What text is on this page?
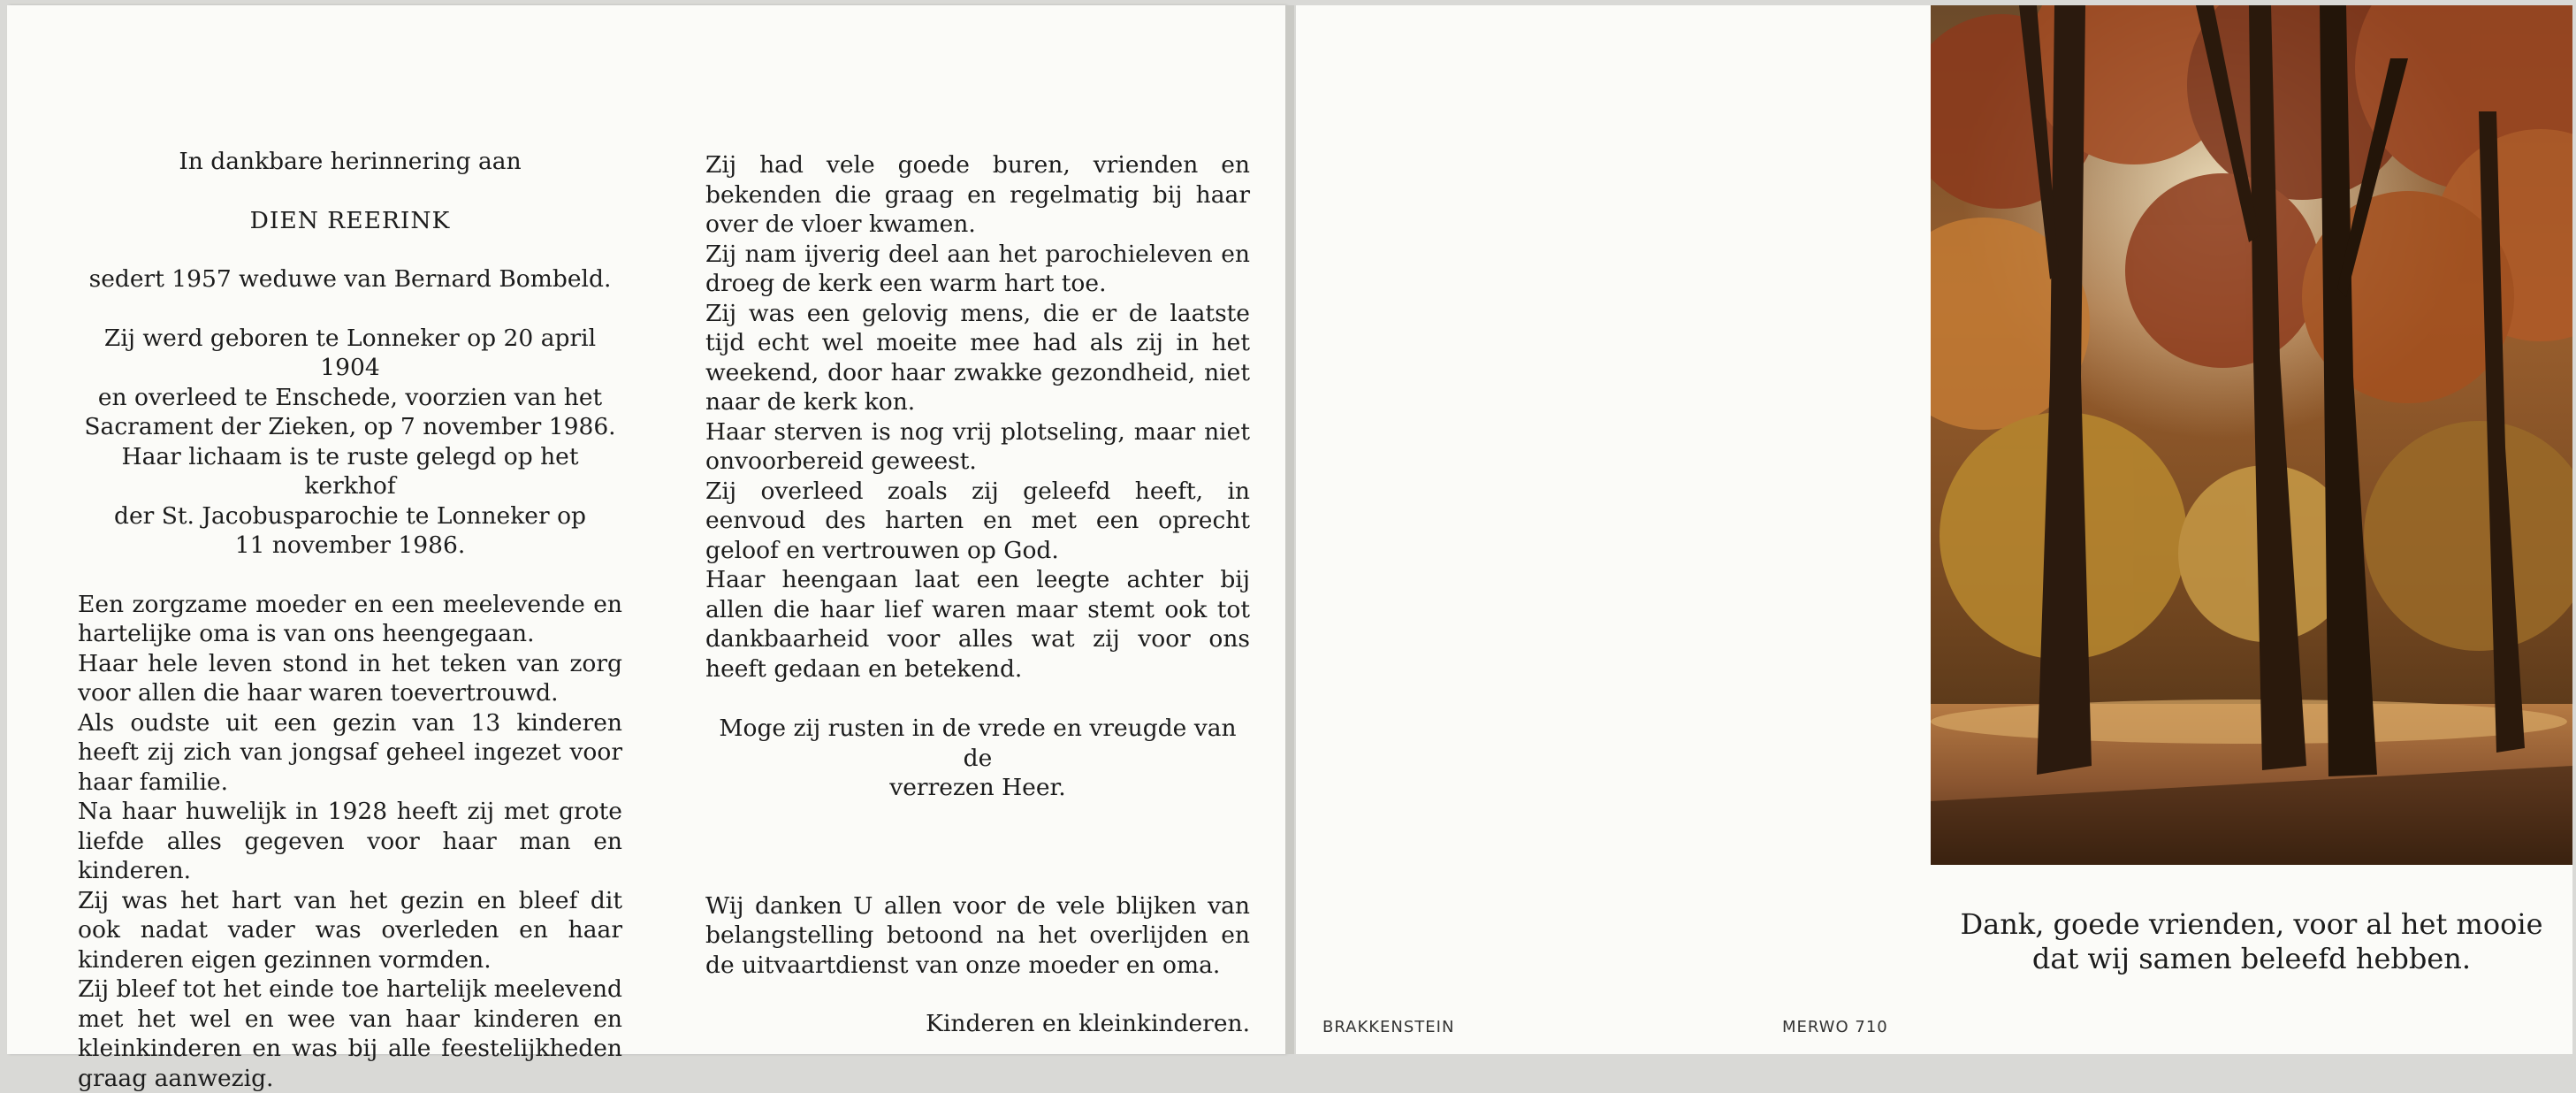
In dankbare herinnering aan

DIEN REERINK

sedert 1957 weduwe van Bernard Bombeld.

Zij werd geboren te Lonneker op 20 april 1904

en overleed te Enschede, voorzien van het

Sacrament der Zieken, op 7 november 1986.

Haar lichaam is te ruste gelegd op het kerkhof

der St. Jacobusparochie te Lonneker op

11 november 1986.

Een zorgzame moeder en een meelevende en hartelijke oma is van ons heengegaan.

Haar hele leven stond in het teken van zorg voor allen die haar waren toevertrouwd.

Als oudste uit een gezin van 13 kinderen heeft zij zich van jongsaf geheel ingezet voor haar familie.

Na haar huwelijk in 1928 heeft zij met grote liefde alles gegeven voor haar man en kinderen.

Zij was het hart van het gezin en bleef dit ook nadat vader was overleden en haar kinderen eigen gezinnen vormden.

Zij bleef tot het einde toe hartelijk meelevend met het wel en wee van haar kinderen en kleinkinderen en was bij alle feestelijkheden graag aanwezig.

Zij had vele goede buren, vrienden en bekenden die graag en regelmatig bij haar over de vloer kwamen.

Zij nam ijverig deel aan het parochieleven en droeg de kerk een warm hart toe.

Zij was een gelovig mens, die er de laatste tijd echt wel moeite mee had als zij in het weekend, door haar zwakke gezondheid, niet naar de kerk kon.

Haar sterven is nog vrij plotseling, maar niet onvoorbereid geweest.

Zij overleed zoals zij geleefd heeft, in eenvoud des harten en met een oprecht geloof en vertrouwen op God.

Haar heengaan laat een leegte achter bij allen die haar lief waren maar stemt ook tot dankbaarheid voor alles wat zij voor ons heeft gedaan en betekend.

Moge zij rusten in de vrede en vreugde van de

verrezen Heer.

Wij danken U allen voor de vele blijken van belangstelling betoond na het overlijden en de uitvaartdienst van onze moeder en oma.

Kinderen en kleinkinderen.

Dank, goede vrienden, voor al het mooie

dat wij samen beleefd hebben.

BRAKKENSTEIN	MERWO 710
